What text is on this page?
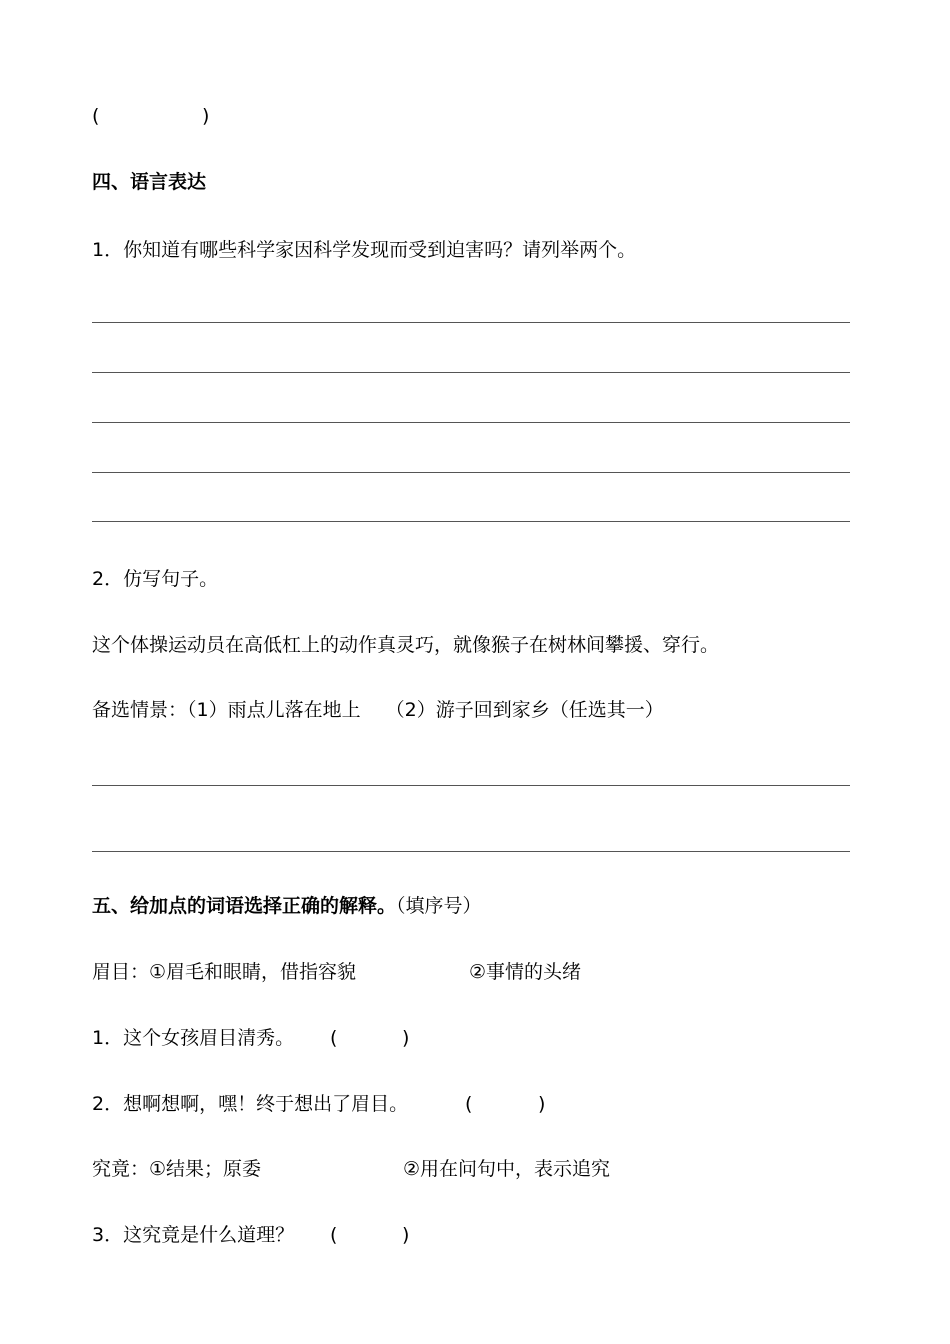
(	)
四、语言表达
1．你知道有哪些科学家因科学发现而受到迫害吗？请列举两个。
2．仿写句子。
这个体操运动员在高低杠上的动作真灵巧，就像猴子在树林间攀援、穿行。
备选情景：（1）雨点儿落在地上　 （2）游子回到家乡（任选其一）
五、给加点的词语选择正确的解释。（填序号）
眉目：①眉毛和眼睛，借指容貌	②事情的头绪
1．这个女孩眉目清秀。 (	)
2．想啊想啊，嘿！终于想出了眉目。	(	)
究竟：①结果；原委	②用在问句中，表示追究
3．这究竟是什么道理？ (	)
